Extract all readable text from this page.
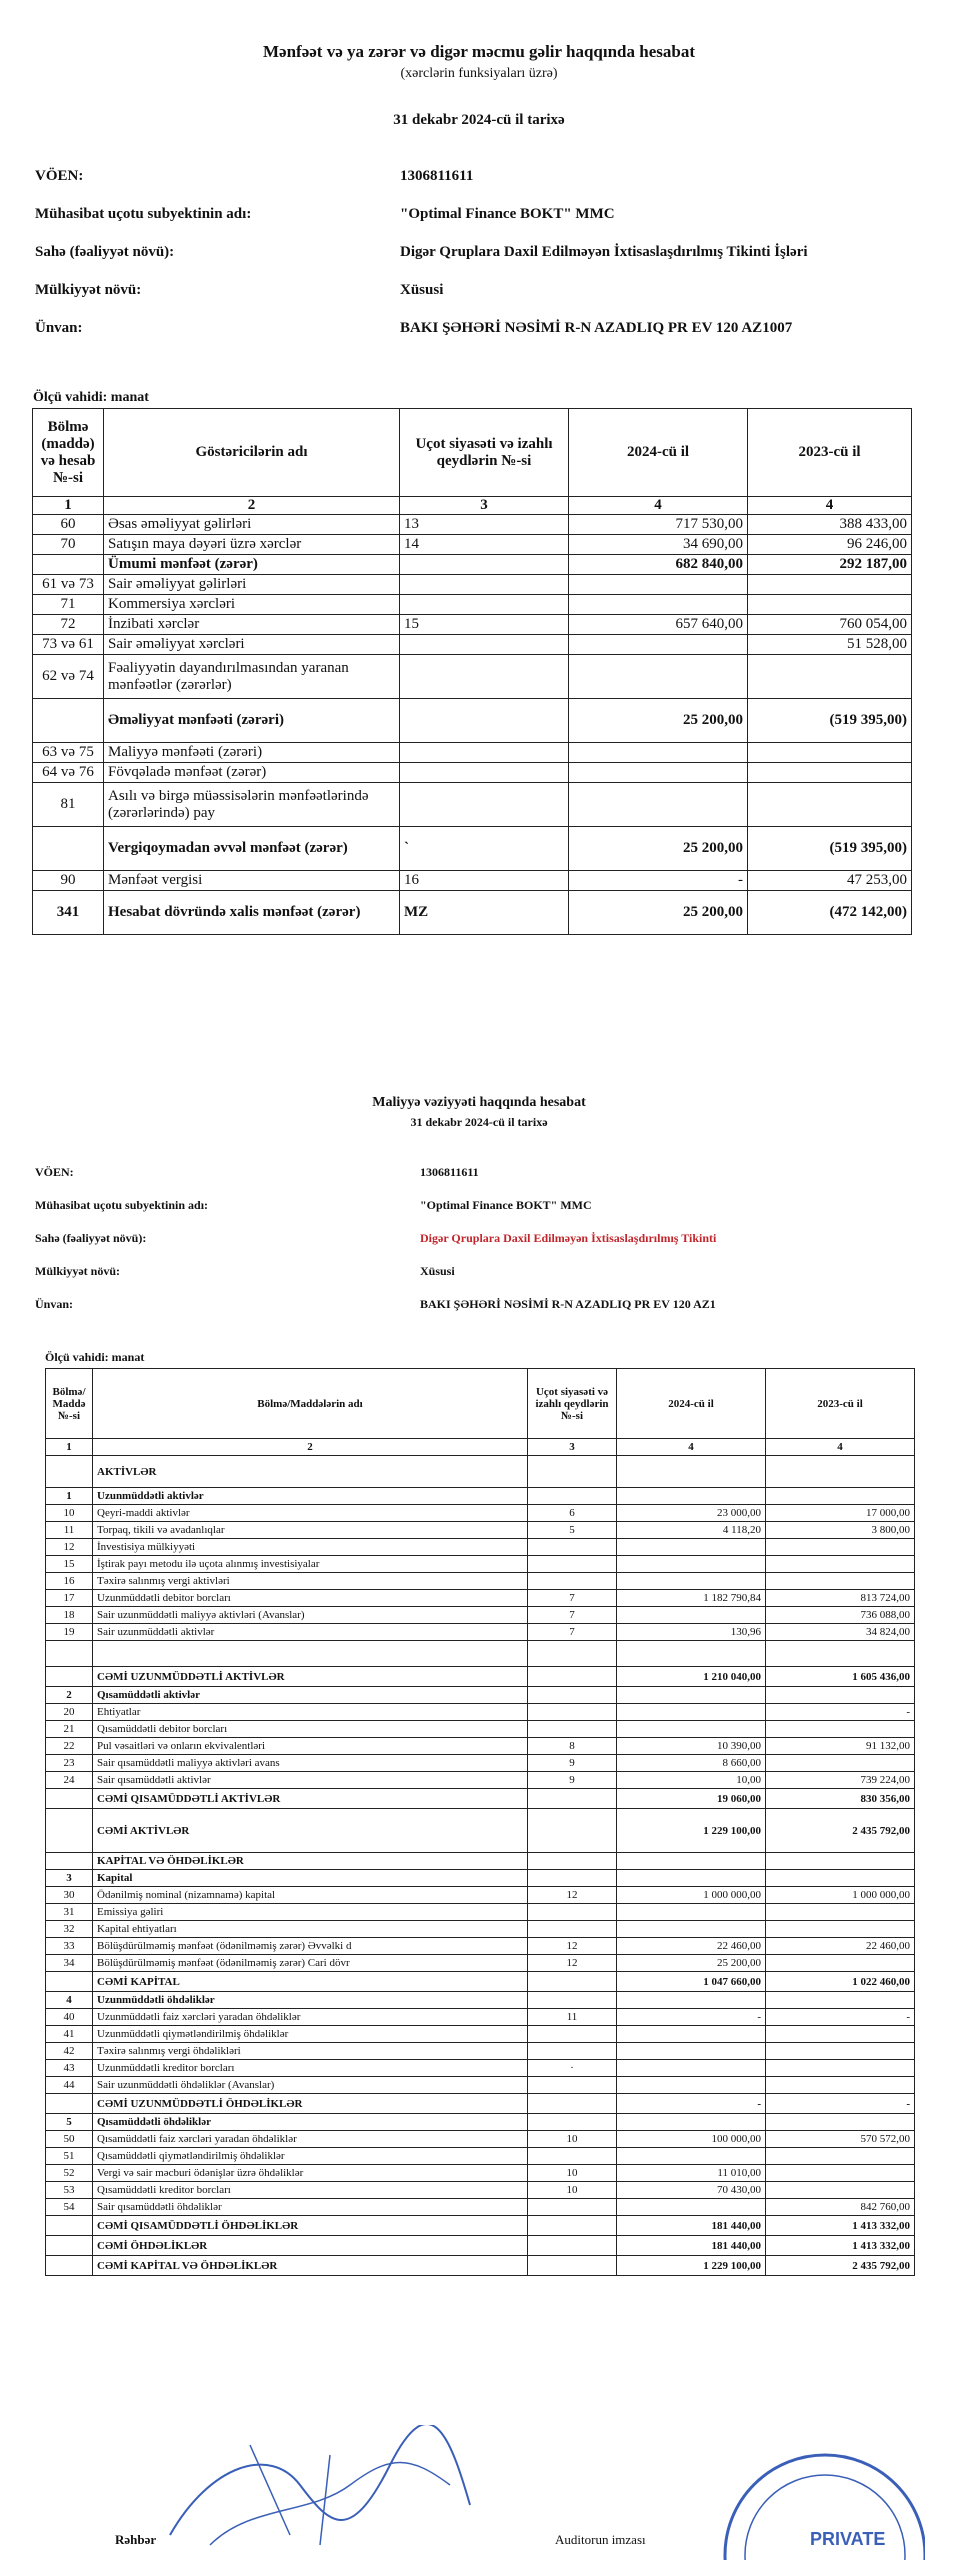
Mənfəət və ya zərər və digər məcmu gəlir haqqında hesabat
(xərclərin funksiyaları üzrə)
31 dekabr 2024-cü il tarixə
VÖEN:	1306811611
Mühasibat uçotu subyektinin adı:	"Optimal Finance BOKT" MMC
Sahə (fəaliyyət növü):	Digər Qruplara Daxil Edilməyən İxtisaslaşdırılmış Tikinti İşləri
Mülkiyyət növü:	Xüsusi
Ünvan:	BAKI ŞƏHƏRİ NƏSİMİ R-N AZADLIQ PR EV 120 AZ1007
Ölçü vahidi: manat
Bölmə (maddə) və hesab №-si	Göstəricilərin adı	Uçot siyasəti və izahlı qeydlərin №-si	2024-cü il	2023-cü il
1	2	3	4	4
60	Əsas əməliyyat gəlirləri	13	717 530,00	388 433,00
70	Satışın maya dəyəri üzrə xərclər	14	34 690,00	96 246,00
	Ümumi mənfəət (zərər)		682 840,00	292 187,00
61 və 73	Sair əməliyyat gəlirləri			
71	Kommersiya xərcləri			
72	İnzibati xərclər	15	657 640,00	760 054,00
73 və 61	Sair əməliyyat xərcləri			51 528,00
62 və 74	Fəaliyyətin dayandırılmasından yaranan mənfəətlər (zərərlər)			
	Əməliyyat mənfəəti (zərəri)		25 200,00	(519 395,00)
63 və 75	Maliyyə mənfəəti (zərəri)			
64 və 76	Fövqəladə mənfəət (zərər)			
81	Asılı və birgə müəssisələrin mənfəətlərində (zərərlərində) pay			
	Vergiqoymadan əvvəl mənfəət (zərər)	`	25 200,00	(519 395,00)
90	Mənfəət vergisi	16	-	47 253,00
341	Hesabat dövründə xalis mənfəət (zərər)	MZ	25 200,00	(472 142,00)
Maliyyə vəziyyəti haqqında hesabat
31 dekabr 2024-cü il tarixə
VÖEN:	1306811611
Mühasibat uçotu subyektinin adı:	"Optimal Finance BOKT" MMC
Sahə (fəaliyyət növü):	Digər Qruplara Daxil Edilməyən İxtisaslaşdırılmış Tikinti
Mülkiyyət növü:	Xüsusi
Ünvan:	BAKI ŞƏHƏRİ NƏSİMİ R-N AZADLIQ PR EV 120 AZ1
Ölçü vahidi: manat
Bölmə/ Maddə №-si	Bölmə/Maddələrin adı	Uçot siyasəti və izahlı qeydlərin №-si	2024-cü il	2023-cü il
1	2	3	4	4
	AKTİVLƏR			
1	Uzunmüddətli aktivlər			
10	Qeyri-maddi aktivlər	6	23 000,00	17 000,00
11	Torpaq, tikili və avadanlıqlar	5	4 118,20	3 800,00
12	İnvestisiya mülkiyyəti			
15	İştirak payı metodu ilə uçota alınmış investisiyalar			
16	Təxirə salınmış vergi aktivləri			
17	Uzunmüddətli debitor borcları	7	1 182 790,84	813 724,00
18	Sair uzunmüddətli maliyyə aktivləri (Avanslar)	7		736 088,00
19	Sair uzunmüddətli aktivlər	7	130,96	34 824,00

	CƏMİ UZUNMÜDDƏTLİ AKTİVLƏR		1 210 040,00	1 605 436,00
2	Qısamüddətli aktivlər			
20	Ehtiyatlar			-
21	Qısamüddətli debitor borcları			
22	Pul vəsaitləri və onların ekvivalentləri	8	10 390,00	91 132,00
23	Sair qısamüddətli maliyyə aktivləri avans	9	8 660,00	
24	Sair qısamüddətli aktivlər	9	10,00	739 224,00
	CƏMİ QISAMÜDDƏTLİ AKTİVLƏR		19 060,00	830 356,00
	CƏMİ AKTİVLƏR		1 229 100,00	2 435 792,00
	KAPİTAL VƏ ÖHDƏLİKLƏR			
3	Kapital			
30	Ödənilmiş nominal (nizamnamə) kapital	12	1 000 000,00	1 000 000,00
31	Emissiya gəliri			
32	Kapital ehtiyatları			
33	Bölüşdürülməmiş mənfəət (ödənilməmiş zərər) Əvvəlki d	12	22 460,00	22 460,00
34	Bölüşdürülməmiş mənfəət (ödənilməmiş zərər) Cari dövr	12	25 200,00	
	CƏMİ KAPİTAL		1 047 660,00	1 022 460,00
4	Uzunmüddətli öhdəliklər			
40	Uzunmüddətli faiz xərcləri yaradan öhdəliklər	11	-	-
41	Uzunmüddətli qiymətləndirilmiş öhdəliklər			
42	Təxirə salınmış vergi öhdəlikləri			
43	Uzunmüddətli kreditor borcları	·		
44	Sair uzunmüddətli öhdəliklər (Avanslar)			
	CƏMİ UZUNMÜDDƏTLİ ÖHDƏLİKLƏR		-	-
5	Qısamüddətli öhdəliklər			
50	Qısamüddətli faiz xərcləri yaradan öhdəliklər	10	100 000,00	570 572,00
51	Qısamüddətli qiymətləndirilmiş öhdəliklər			
52	Vergi və sair məcburi ödənişlər üzrə öhdəliklər	10	11 010,00	
53	Qısamüddətli kreditor borcları	10	70 430,00	
54	Sair qısamüddətli öhdəliklər			842 760,00
	CƏMİ QISAMÜDDƏTLİ ÖHDƏLİKLƏR		181 440,00	1 413 332,00
	CƏMİ ÖHDƏLİKLƏR		181 440,00	1 413 332,00
	CƏMİ KAPİTAL VƏ ÖHDƏLİKLƏR		1 229 100,00	2 435 792,00
PRIVATE
Rəhbər	Auditorun imzası
